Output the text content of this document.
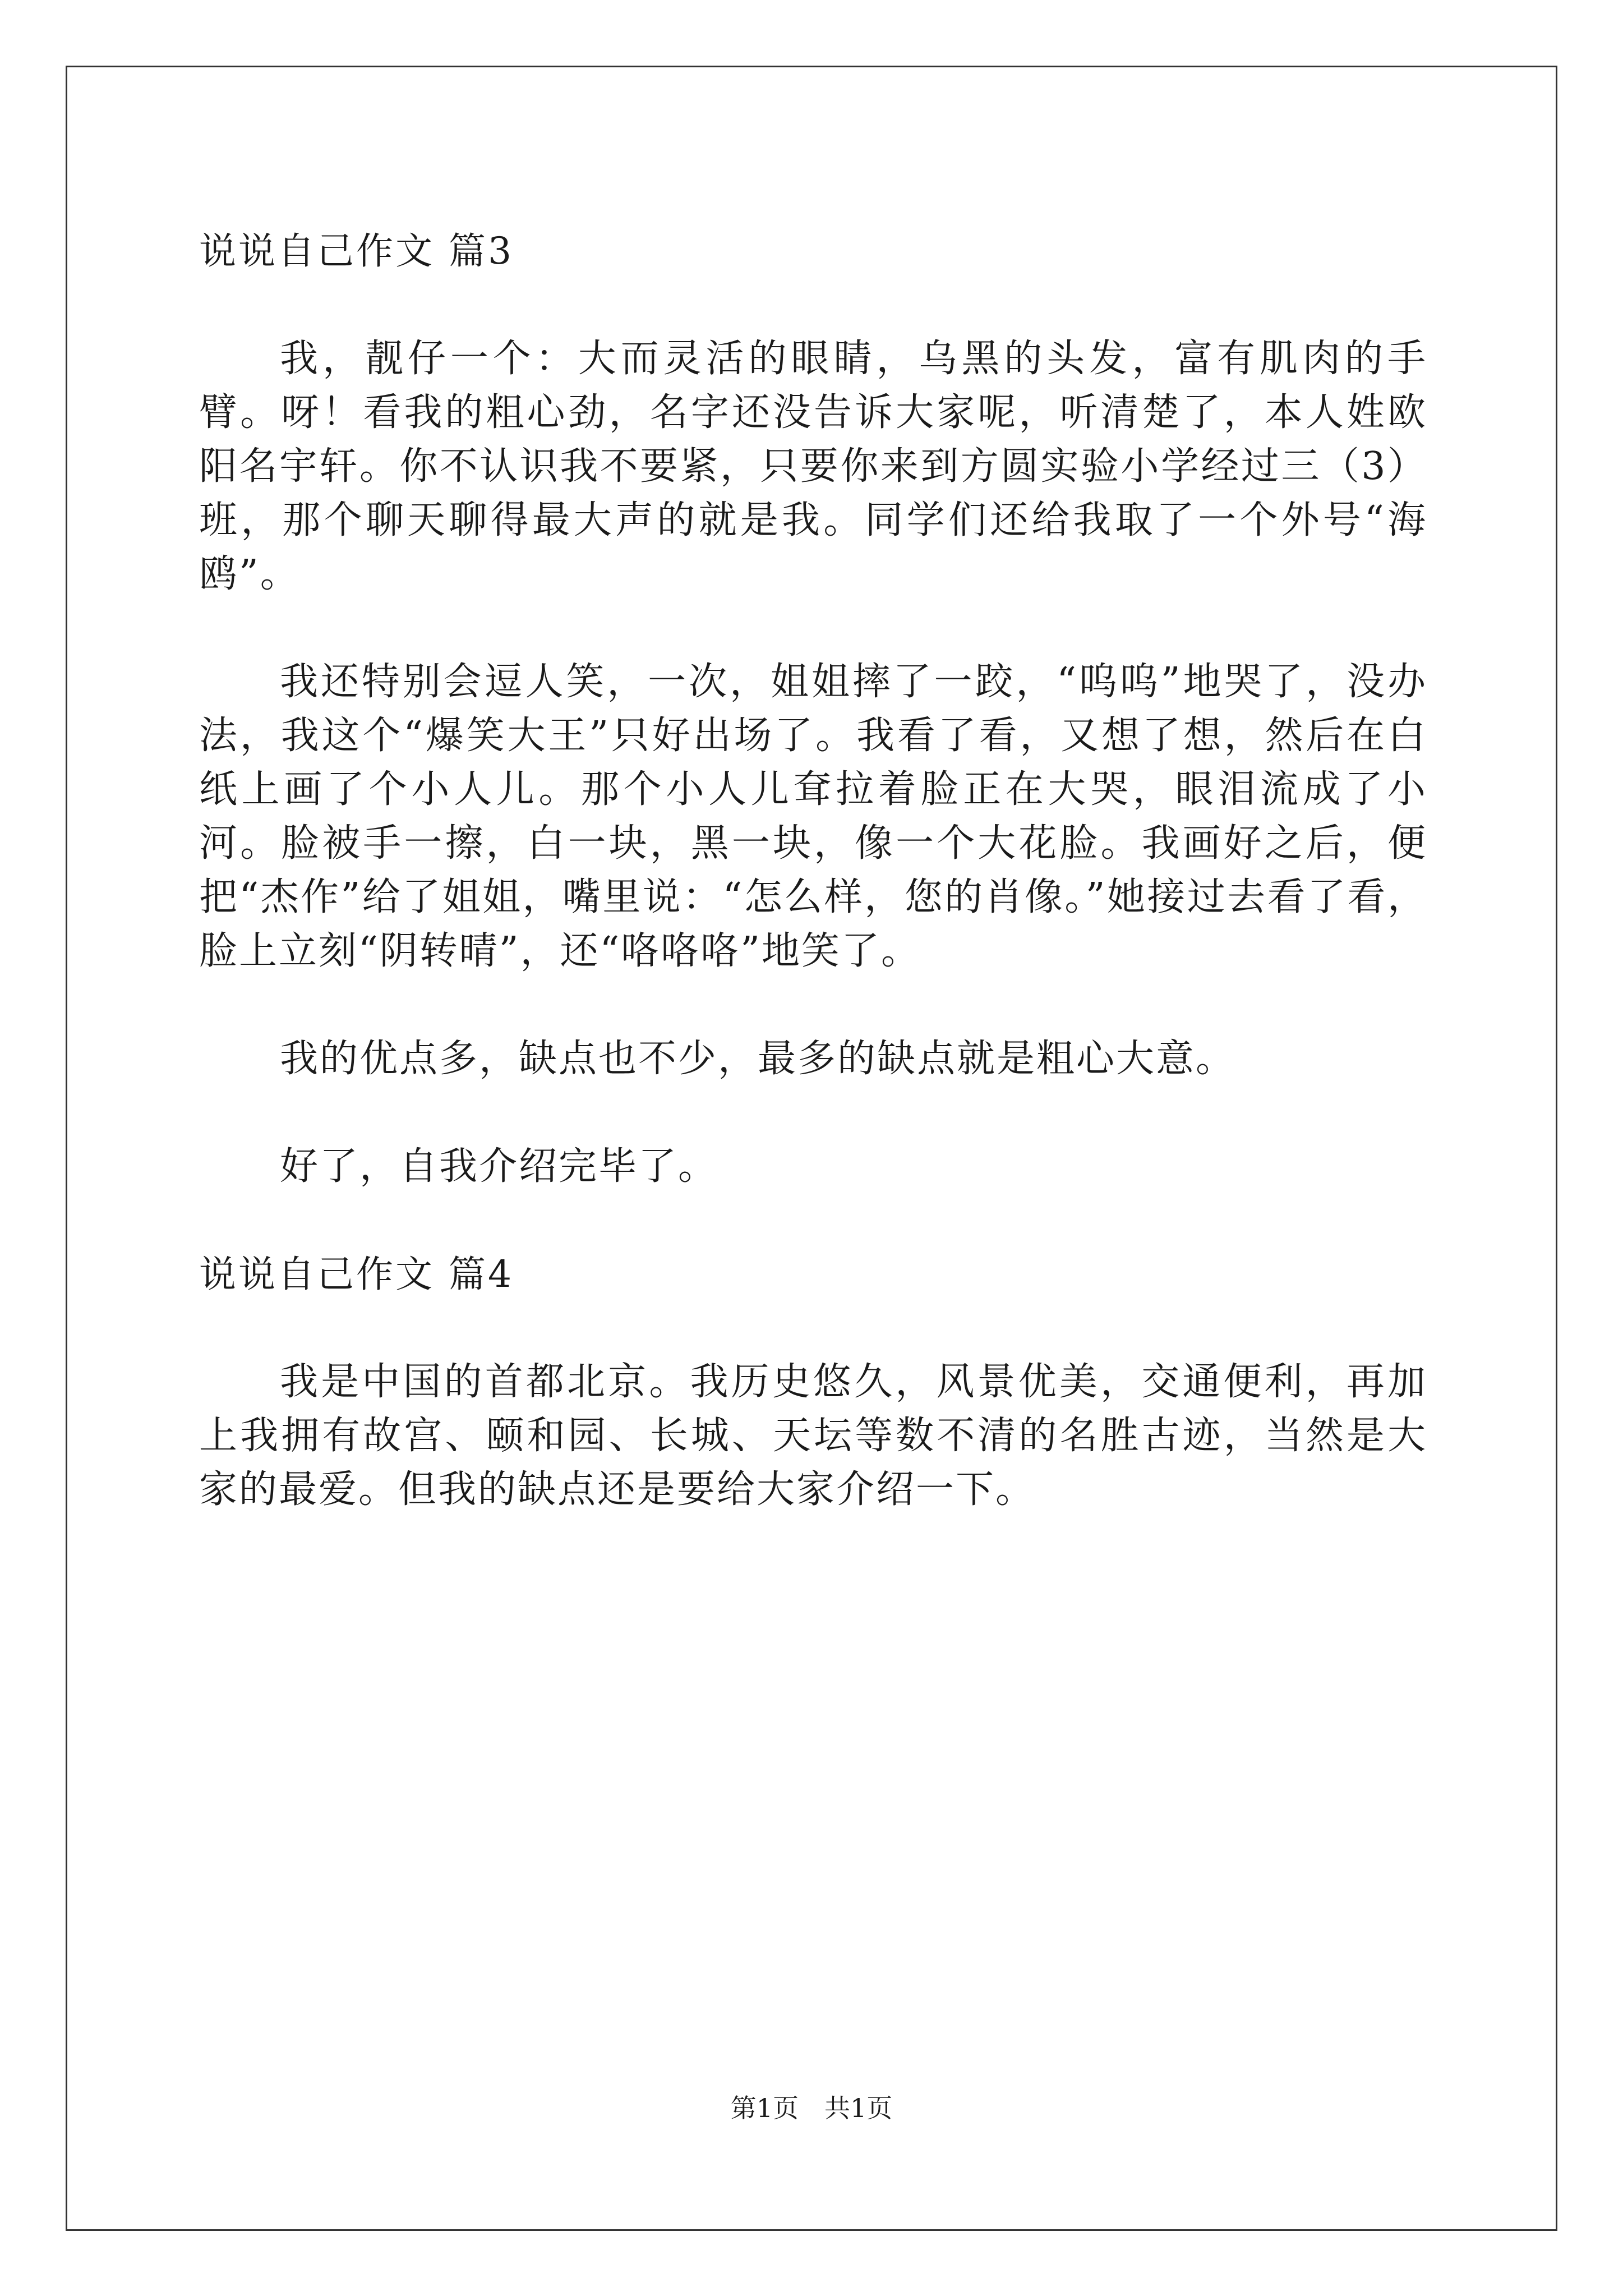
说说自己作文 篇3

我，靓仔一个：大而灵活的眼睛，乌黑的头发，富有肌肉的手臂。呀！看我的粗心劲，名字还没告诉大家呢，听清楚了，本人姓欧阳名宇轩。你不认识我不要紧，只要你来到方圆实验小学经过三（3）班，那个聊天聊得最大声的就是我。同学们还给我取了一个外号“海鸥”。

我还特别会逗人笑，一次，姐姐摔了一跤，“呜呜”地哭了，没办法，我这个“爆笑大王”只好出场了。我看了看，又想了想，然后在白纸上画了个小人儿。那个小人儿耷拉着脸正在大哭，眼泪流成了小河。脸被手一擦，白一块，黑一块，像一个大花脸。我画好之后，便把“杰作”给了姐姐，嘴里说：“怎么样，您的肖像。”她接过去看了看，脸上立刻“阴转晴”，还“咯咯咯”地笑了。

我的优点多，缺点也不少，最多的缺点就是粗心大意。

好了，自我介绍完毕了。

说说自己作文 篇4

我是中国的首都北京。我历史悠久，风景优美，交通便利，再加上我拥有故宫、颐和园、长城、天坛等数不清的名胜古迹，当然是大家的最爱。但我的缺点还是要给大家介绍一下。

第1页　共1页
